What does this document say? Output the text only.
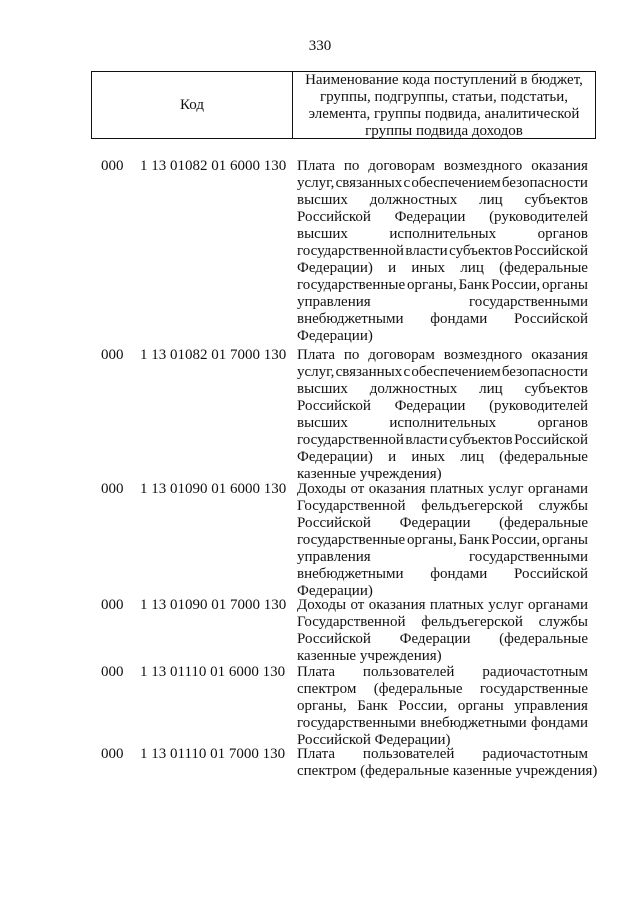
330
Код
Наименование кода поступлений в бюджет,
группы, подгруппы, статьи, подстатьи,
элемента, группы подвида, аналитической
группы подвида доходов
000 1 13 01082 01 6000 130 Плата по договорам возмездного оказания
услуг, связанных с обеспечением безопасности
высших должностных лиц субъектов
Российской Федерации (руководителей
высших	исполнительных	органов
государственной власти субъектов Российской
Федерации) и иных лиц (федеральные
государственные органы, Банк России, органы
управления	государственными
внебюджетными фондами Российской
Федерации)
000 1 13 01082 01 7000 130 Плата по договорам возмездного оказания
услуг, связанных с обеспечением безопасности
высших должностных лиц субъектов
Российской Федерации (руководителей
высших	исполнительных	органов
государственной власти субъектов Российской
Федерации) и иных лиц (федеральные
казенные учреждения)
000 1 13 01090 01 6000 130 Доходы от оказания платных услуг органами
Государственной фельдъегерской службы
Российской Федерации (федеральные
государственные органы, Банк России, органы
управления	государственными
внебюджетными фондами Российской
Федерации)
000 1 13 01090 01 7000 130 Доходы от оказания платных услуг органами
Государственной фельдъегерской службы
Российской Федерации (федеральные
казенные учреждения)
000 1 13 01110 01 6000 130 Плата пользователей радиочастотным
спектром (федеральные государственные
органы, Банк России, органы управления
государственными внебюджетными фондами
Российской Федерации)
000 1 13 01110 01 7000 130 Плата пользователей радиочастотным
спектром (федеральные казенные учреждения)
